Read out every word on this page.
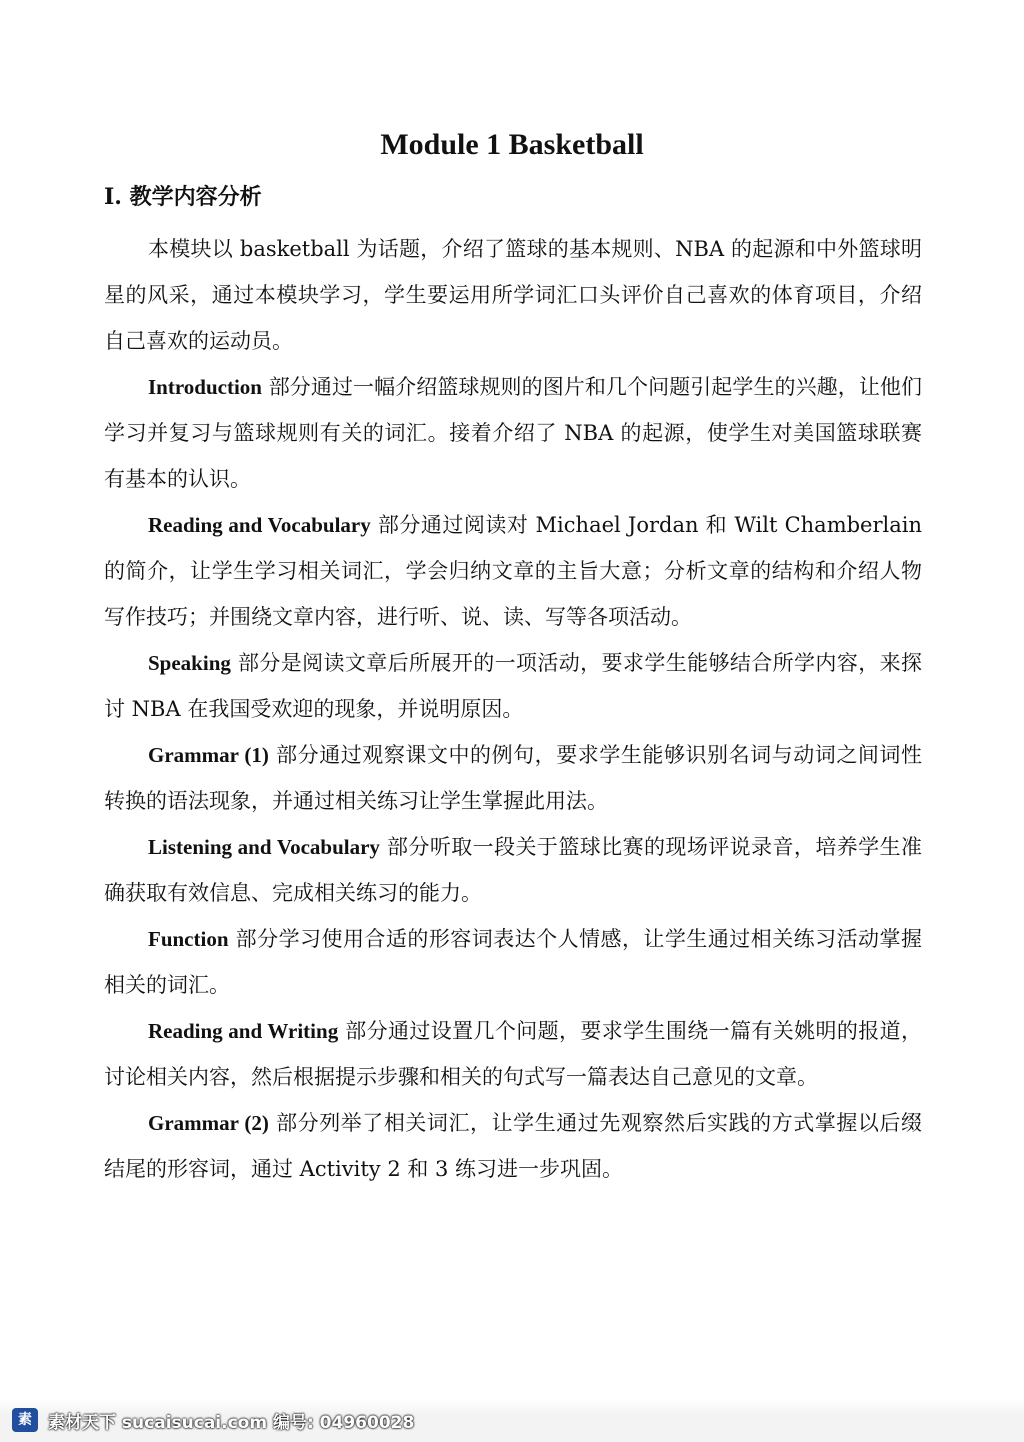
Module 1 Basketball
I. 教学内容分析

本模块以 basketball 为话题，介绍了篮球的基本规则、NBA 的起源和中外篮球明星的风采，通过本模块学习，学生要运用所学词汇口头评价自己喜欢的体育项目，介绍自己喜欢的运动员。

Introduction 部分通过一幅介绍篮球规则的图片和几个问题引起学生的兴趣，让他们学习并复习与篮球规则有关的词汇。接着介绍了 NBA 的起源，使学生对美国篮球联赛有基本的认识。

Reading and Vocabulary 部分通过阅读对 Michael Jordan 和 Wilt Chamberlain 的简介，让学生学习相关词汇，学会归纳文章的主旨大意；分析文章的结构和介绍人物写作技巧；并围绕文章内容，进行听、说、读、写等各项活动。

Speaking 部分是阅读文章后所展开的一项活动，要求学生能够结合所学内容，来探讨 NBA 在我国受欢迎的现象，并说明原因。

Grammar (1) 部分通过观察课文中的例句，要求学生能够识别名词与动词之间词性转换的语法现象，并通过相关练习让学生掌握此用法。

Listening and Vocabulary 部分听取一段关于篮球比赛的现场评说录音，培养学生准确获取有效信息、完成相关练习的能力。

Function 部分学习使用合适的形容词表达个人情感，让学生通过相关练习活动掌握相关的词汇。

Reading and Writing 部分通过设置几个问题，要求学生围绕一篇有关姚明的报道，讨论相关内容，然后根据提示步骤和相关的句式写一篇表达自己意见的文章。

Grammar (2) 部分列举了相关词汇，让学生通过先观察然后实践的方式掌握以后缀结尾的形容词，通过 Activity 2 和 3 练习进一步巩固。

素 素材天下 sucaisucai.com 编号: 04960028
